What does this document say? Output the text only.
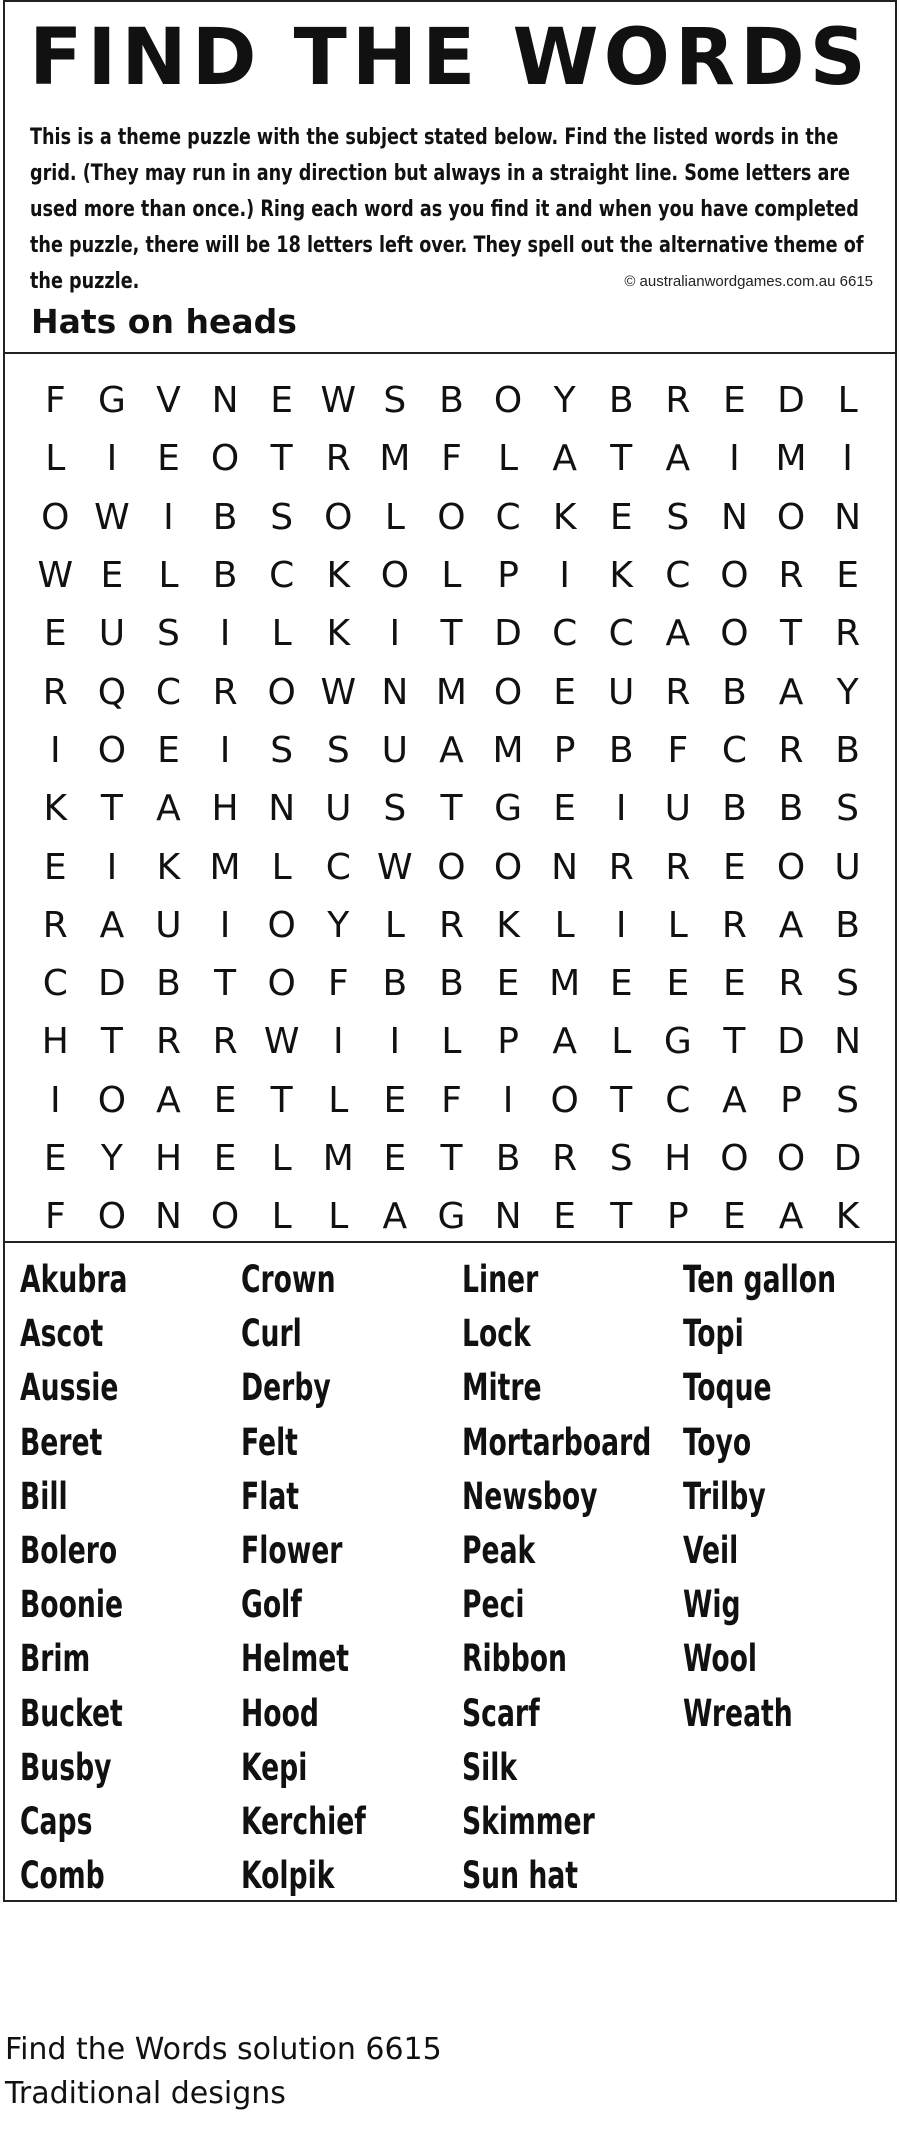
FIND THE WORDS
This is a theme puzzle with the subject stated below. Find the listed words in the grid. (They may run in any direction but always in a straight line. Some letters are used more than once.) Ring each word as you find it and when you have completed the puzzle, there will be 18 letters left over. They spell out the alternative theme of the puzzle.	© australianwordgames.com.au 6615
Hats on heads
F G V N E W S B O Y B R E D L
L	I	E O T R M F	L A T A	I M I
O W I	B S O L O C K E S N O N
W E L B C K O L P	I	K C O R E
E U S	I	L K	I	T D C C A O T R
R Q C R O W N M O E U R B A Y
I	O E	I	S S U A M P B F C R B
K T A H N U S T G E	I	U B B S
E	I	K M L C W O O N R R E O U
R A U	I	O Y L R K L	I	L R A B
C D B T O F B B E M E E E R S
H T R R W I	I	L P A L G T D N
I	O A E T L E F	I	O T C A P S
E Y H E L M E T B R S H O O D
F O N O L	L A G N E T P E A K
Akubra
Ascot
Aussie
Beret
Bill
Bolero
Boonie
Brim
Bucket
Busby
Caps
Comb
Crown
Curl
Derby
Felt
Flat
Flower
Golf
Helmet
Hood
Kepi
Kerchief
Kolpik
Liner
Lock
Mitre
Mortarboard
Newsboy
Peak
Peci
Ribbon
Scarf
Silk
Skimmer
Sun hat
Ten gallon
Topi
Toque
Toyo
Trilby
Veil
Wig
Wool
Wreath
Find the Words solution 6615
Traditional designs
